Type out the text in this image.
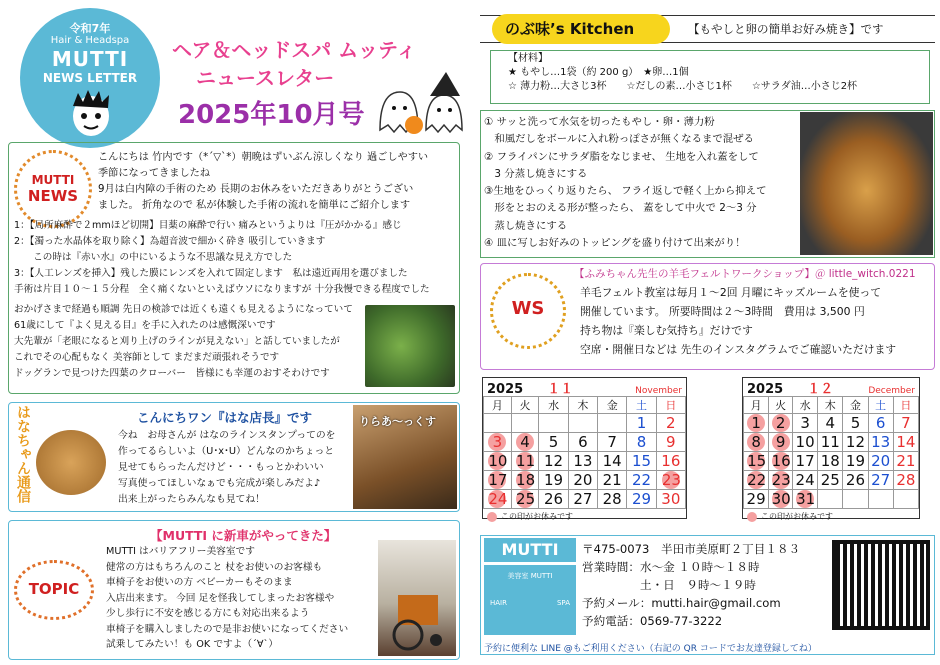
令和7年
Hair & Headspa
MUTTI
NEWS LETTER
ヘア＆ヘッドスパ ムッティ
ニュースレター
2025年10月号
MUTTI
NEWS
こんにちは 竹内です（*´▽`*）朝晩はずいぶん涼しくなり 過ごしやすい
季節になってきましたね
9月は白内障の手術のため 長期のお休みをいただきありがとうござい
ました。 折角なので 私が体験した手術の流れを簡単にご紹介します
1：【局所麻酔で２mmほど切開】目薬の麻酔で行い 痛みというよりは『圧がかかる』感じ
2：【濁った水晶体を取り除く】為超音波で細かく砕き 吸引していきます
　　この時は『赤い水』の中にいるような不思議な見え方でした
3：【人工レンズを挿入】残した膜にレンズを入れて固定します　私は遠近両用を選びました
手術は片目１０～１５分程　全く痛くないといえばウソになりますが 十分我慢できる程度でした
おかげさまで経過も順調 先日の検診では近くも遠くも見えるようになっていて
61歳にして『よく見える目』を手に入れたのは感慨深いです
大先輩が「老眼になると刈り上げのラインが見えない」と話していましたが
これでその心配もなく 美容師として まだまだ頑張れそうです
ドッグランで見つけた四葉のクローバー　皆様にも幸運のおすそわけです
はなちゃん通信	こんにちワン『はな店長』です
今ね　お母さんが はなのラインスタンプってのを
作ってるらしいよ（U･x･U）どんなのかちょっと
見せてもらったんだけど・・・もっとかわいい
写真使ってほしいなぁでも完成が楽しみだよ♪
出来上がったらみんなも見てね！
りらあ～っくす
TOPIC
【MUTTI に新車がやってきた】
MUTTI はバリアフリー美容室です
健常の方はもちろんのこと 杖をお使いのお客様も
車椅子をお使いの方 ベビーカーもそのまま
入店出来ます。 今回 足を怪我してしまったお客様や
少し歩行に不安を感じる方にも対応出来るよう
車椅子を購入しましたので是非お使いになってください
試乗してみたい！も OK ですよ（´∀`）
のぶ味’s Kitchen	【もやしと卵の簡単お好み焼き】です
【材料】
★ もやし…1袋（約 200 g）　★卵…1個
☆ 薄力粉…大さじ3杯　　☆だしの素…小さじ1杯　　☆サラダ油…小さじ2杯
① サッと洗って水気を切ったもやし・卵・薄力粉
　和風だしをボールに入れ粉っぽさが無くなるまで混ぜる
② フライパンにサラダ脂をなじませ、 生地を入れ蓋をして
　3 分蒸し焼きにする
③生地をひっくり返りたら、 フライ返しで軽く上から抑えて
　形をとおのえる形が整ったら、 蓋をして中火で 2～3 分
　蒸し焼きにする
④ 皿に写しお好みのトッピングを盛り付けて出来がり！
WS
【ふみちゃん先生の羊毛フェルトワークショップ】＠ little_witch.0221
羊毛フェルト教室は毎月１～2回 月曜にキッズルームを使って
開催しています。 所要時間は２～3時間　費用は 3,500 円
持ち物は『楽しむ気持ち』だけです
空席・開催日などは 先生のインスタグラムでご確認いただけます
2025 １１	November
月	火	水	木	金	土	日
					1	2
3	4	5	6	7	8	9
10	11	12	13	14	15	16
17	18	19	20	21	22	23
24	25	26	27	28	29	30
この印がお休みです
2025 １２	December
月	火	水	木	金	土	日
1	2	3	4	5	6	7
8	9	10	11	12	13	14
15	16	17	18	19	20	21
22	23	24	25	26	27	28
29	30	31				
この印がお休みです
MUTTI
美容室 MUTTI
HAIR	SPA
〒475-0073　半田市美原町２丁目１８３
営業時間：水～金 １０時～１８時
　　　　　土・日　９時～１９時
予約メール：mutti.hair@gmail.com
予約電話：0569-77-3222
予約に便利な LINE @もご利用ください（右記の QR コードでお友達登録してね）
